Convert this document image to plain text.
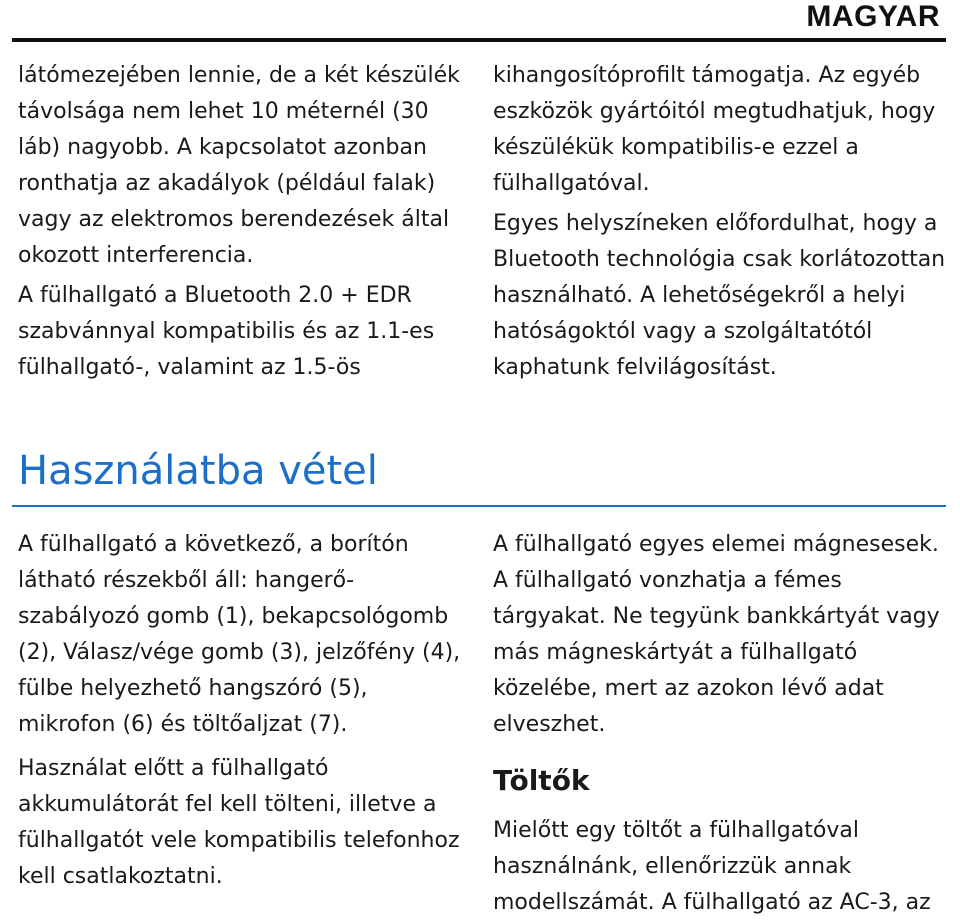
MAGYAR

látómezejében lennie, de a két készülék távolsága nem lehet 10 méternél (30 láb) nagyobb. A kapcsolatot azonban ronthatja az akadályok (például falak) vagy az elektromos berendezések által okozott interferencia.

A fülhallgató a Bluetooth 2.0 + EDR szabvánnyal kompatibilis és az 1.1-es fülhallgató-, valamint az 1.5-ös

kihangosítóprofilt támogatja. Az egyéb eszközök gyártóitól megtudhatjuk, hogy készülékük kompatibilis-e ezzel a fülhallgatóval.

Egyes helyszíneken előfordulhat, hogy a Bluetooth technológia csak korlátozottan használható. A lehetőségekről a helyi hatóságoktól vagy a szolgáltatótól kaphatunk felvilágosítást.

Használatba vétel

A fülhallgató a következő, a borítón látható részekből áll: hangerő-szabályozó gomb (1), bekapcsológomb (2), Válasz/vége gomb (3), jelzőfény (4), fülbe helyezhető hangszóró (5), mikrofon (6) és töltőaljzat (7).

Használat előtt a fülhallgató akkumulátorát fel kell tölteni, illetve a fülhallgatót vele kompatibilis telefonhoz kell csatlakoztatni.

A fülhallgató egyes elemei mágnesesek. A fülhallgató vonzhatja a fémes tárgyakat. Ne tegyünk bankkártyát vagy más mágneskártyát a fülhallgató közelébe, mert az azokon lévő adat elveszhet.

Töltők

Mielőtt egy töltőt a fülhallgatóval használnánk, ellenőrizzük annak modellszámát. A fülhallgató az AC-3, az
